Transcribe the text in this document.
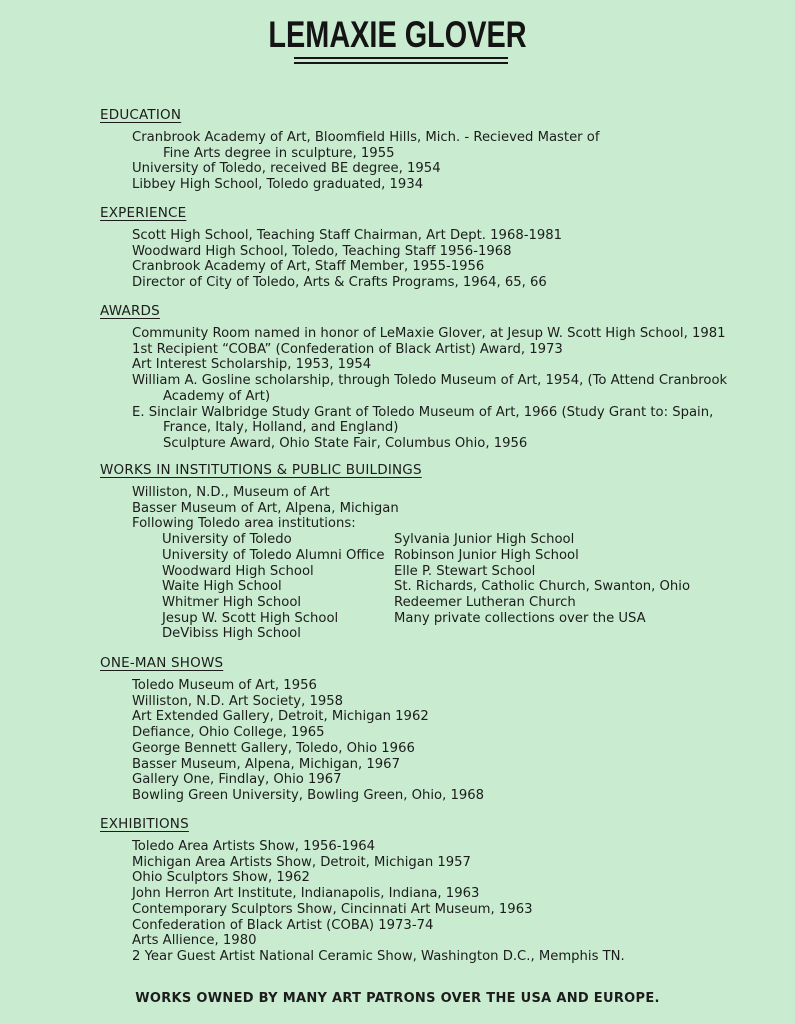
LEMAXIE GLOVER
EDUCATION
Cranbrook Academy of Art, Bloomfield Hills, Mich. - Recieved Master of
Fine Arts degree in sculpture, 1955
University of Toledo, received BE degree, 1954
Libbey High School, Toledo graduated, 1934
EXPERIENCE
Scott High School, Teaching Staff Chairman, Art Dept. 1968-1981
Woodward High School, Toledo, Teaching Staff 1956-1968
Cranbrook Academy of Art, Staff Member, 1955-1956
Director of City of Toledo, Arts & Crafts Programs, 1964, 65, 66
AWARDS
Community Room named in honor of LeMaxie Glover, at Jesup W. Scott High School, 1981
1st Recipient “COBA” (Confederation of Black Artist) Award, 1973
Art Interest Scholarship, 1953, 1954
William A. Gosline scholarship, through Toledo Museum of Art, 1954, (To Attend Cranbrook
Academy of Art)
E. Sinclair Walbridge Study Grant of Toledo Museum of Art, 1966 (Study Grant to: Spain,
France, Italy, Holland, and England)
Sculpture Award, Ohio State Fair, Columbus Ohio, 1956
WORKS IN INSTITUTIONS & PUBLIC BUILDINGS
Williston, N.D., Museum of Art
Basser Museum of Art, Alpena, Michigan
Following Toledo area institutions:
University of Toledo
University of Toledo Alumni Office
Woodward High School
Waite High School
Whitmer High School
Jesup W. Scott High School
DeVibiss High School
Sylvania Junior High School
Robinson Junior High School
Elle P. Stewart School
St. Richards, Catholic Church, Swanton, Ohio
Redeemer Lutheran Church
Many private collections over the USA
ONE-MAN SHOWS
Toledo Museum of Art, 1956
Williston, N.D. Art Society, 1958
Art Extended Gallery, Detroit, Michigan 1962
Defiance, Ohio College, 1965
George Bennett Gallery, Toledo, Ohio 1966
Basser Museum, Alpena, Michigan, 1967
Gallery One, Findlay, Ohio 1967
Bowling Green University, Bowling Green, Ohio, 1968
EXHIBITIONS
Toledo Area Artists Show, 1956-1964
Michigan Area Artists Show, Detroit, Michigan 1957
Ohio Sculptors Show, 1962
John Herron Art Institute, Indianapolis, Indiana, 1963
Contemporary Sculptors Show, Cincinnati Art Museum, 1963
Confederation of Black Artist (COBA) 1973-74
Arts Allience, 1980
2 Year Guest Artist National Ceramic Show, Washington D.C., Memphis TN.
WORKS OWNED BY MANY ART PATRONS OVER THE USA AND EUROPE.
